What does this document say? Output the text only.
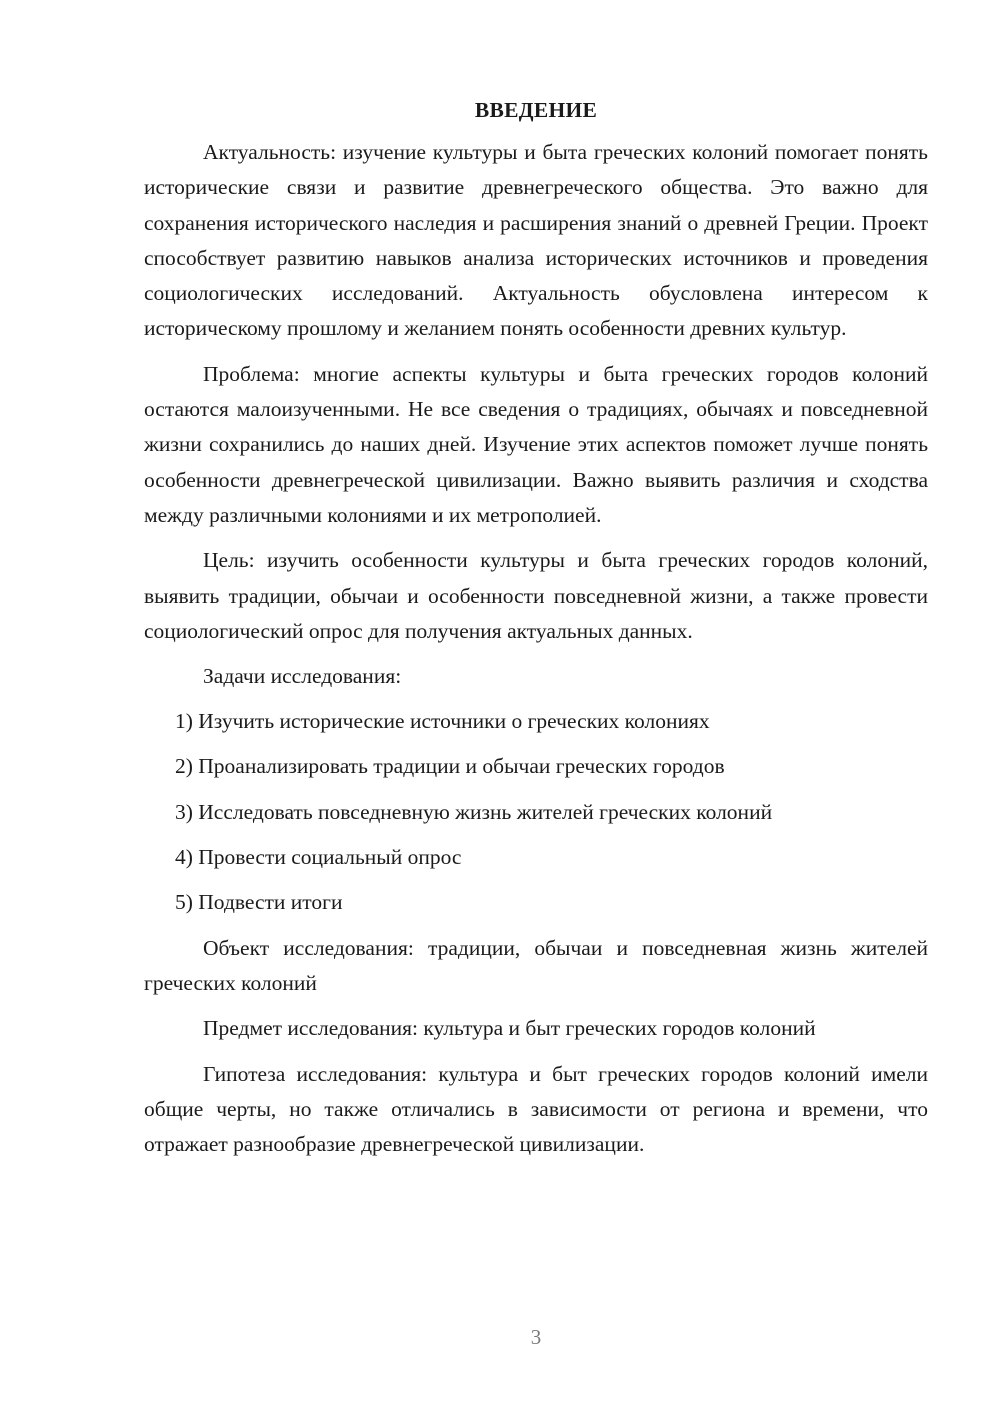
ВВЕДЕНИЕ

Актуальность: изучение культуры и быта греческих колоний помогает понять исторические связи и развитие древнегреческого общества. Это важно для сохранения исторического наследия и расширения знаний о древней Греции. Проект способствует развитию навыков анализа исторических источников и проведения социологических исследований. Актуальность обусловлена интересом к историческому прошлому и желанием понять особенности древних культур.

Проблема: многие аспекты культуры и быта греческих городов колоний остаются малоизученными. Не все сведения о традициях, обычаях и повседневной жизни сохранились до наших дней. Изучение этих аспектов поможет лучше понять особенности древнегреческой цивилизации. Важно выявить различия и сходства между различными колониями и их метрополией.

Цель: изучить особенности культуры и быта греческих городов колоний, выявить традиции, обычаи и особенности повседневной жизни, а также провести социологический опрос для получения актуальных данных.

Задачи исследования:

1) Изучить исторические источники о греческих колониях
2) Проанализировать традиции и обычаи греческих городов
3) Исследовать повседневную жизнь жителей греческих колоний
4) Провести социальный опрос
5) Подвести итоги

Объект исследования: традиции, обычаи и повседневная жизнь жителей греческих колоний

Предмет исследования: культура и быт греческих городов колоний

Гипотеза исследования: культура и быт греческих городов колоний имели общие черты, но также отличались в зависимости от региона и времени, что отражает разнообразие древнегреческой цивилизации.

3
